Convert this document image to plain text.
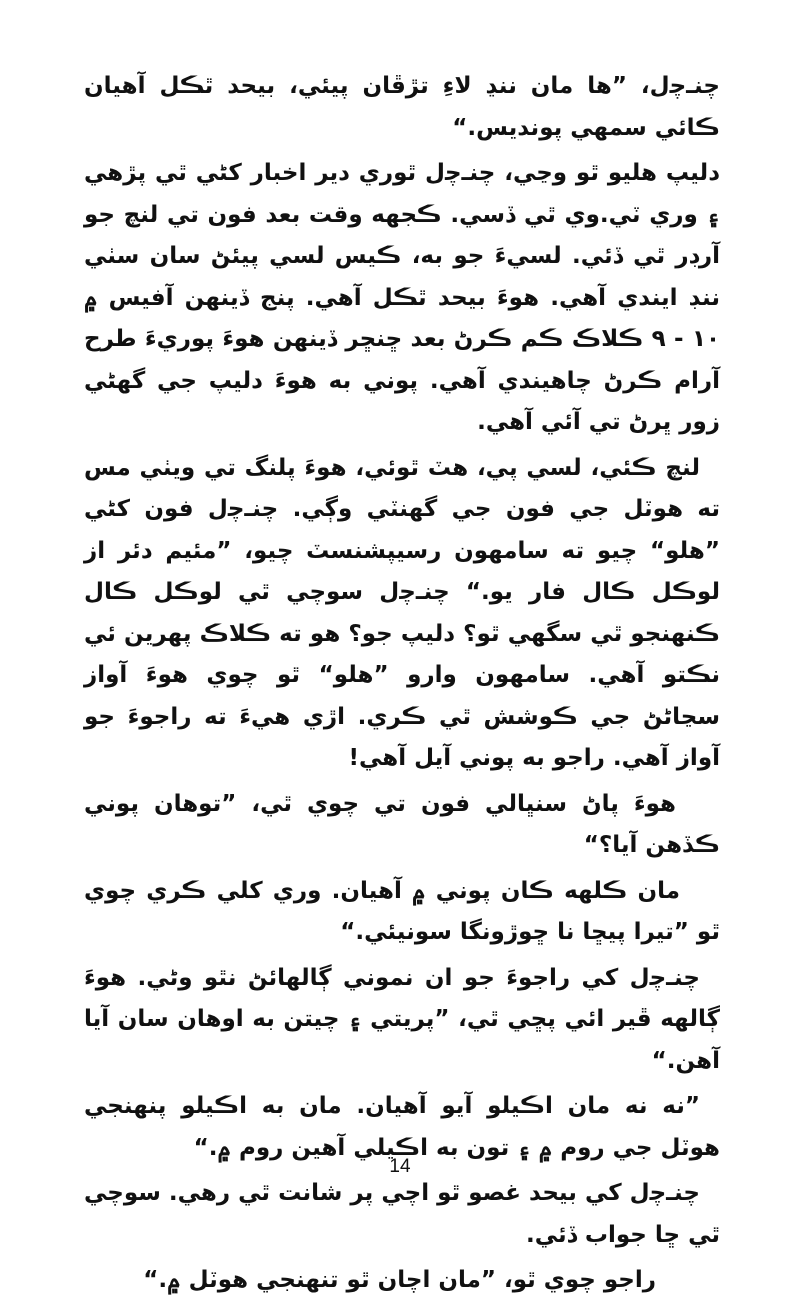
چنـﭼل، ”ها مان ننڍ لاءِ تڙڦان پيئي، بيحد ٿڪل آهيان ڪائي سمهي پونديس.“

دليپ هليو ٿو وڃي، چنـﭼل ٿوري دير اخبار کڻي ٿي پڙهي ۽ وري ٽي.وي ٿي ڏسي. ڪجهه وقت بعد فون تي لنچ جو آرڊر ٿي ڏئي. لسيءَ جو به، ڪيس لسي پيئڻ سان سٺي ننڊ ايندي آهي. هوءَ بيحد ٿڪل آهي. پنج ڏينهن آفيس ۾ ١٠ - ٩ ڪلاڪ ڪم ڪرڻ بعد ڇنڇر ڏينهن هوءَ پوريءَ طرح آرام ڪرڻ چاهيندي آهي. پوني به هوءَ دليپ جي گهڻي زور ڀرڻ تي آئي آهي.

لنچ ڪئي، لسي پي، هٽ ٿوئي، هوءَ پلنگ تي ويٺي مس ته هوٽل جي فون جي گهنٽي وڳي. چنـﭼل فون کڻي ”هلو“ چيو ته سامهون رسيپشنسٽ چيو، ”مئيم دئر از لوڪل ڪال فار يو.“ چنـﭼل سوچي ٿي لوڪل ڪال ڪنهنجو ٿي سگهي ٿو؟ دليپ جو؟ هو ته ڪلاڪ پهرين ئي نڪتو آهي. سامهون وارو ”هلو“ ٿو چوي هوءَ آواز سڃاڻڻ جي ڪوشش ٿي ڪري. اڙي هيءَ ته راجوءَ جو آواز آهي. راجو به پوني آيل آهي!

هوءَ پاڻ سنڀالي فون تي چوي ٿي، ”توهان پوني ڪڏهن آيا؟“

مان ڪلهه ڪان پوني ۾ آهيان. وري کلي ڪري چوي ٿو ”تيرا پيڇا نا ڇوڙونگا سونيئي.“

چنـﭼل کي راجوءَ جو ان نموني ڳالهائڻ نٿو وڻي. هوءَ ڳالهه ڦير ائي پڇي ٿي، ”پريتي ۽ چيتن به اوهان سان آيا آهن.“

”نه نه مان اڪيلو آيو آهيان. مان به اڪيلو پنهنجي هوٽل جي روم ۾ ۽ تون به اڪيلي آهين روم ۾.“

چنـﭼل کي بيحد غصو ٿو اچي پر شانت ٿي رهي. سوچي ٿي ڇا جواب ڏئي.

راجو چوي ٿو، ”مان اچان ٿو تنهنجي هوٽل ۾.“

14
